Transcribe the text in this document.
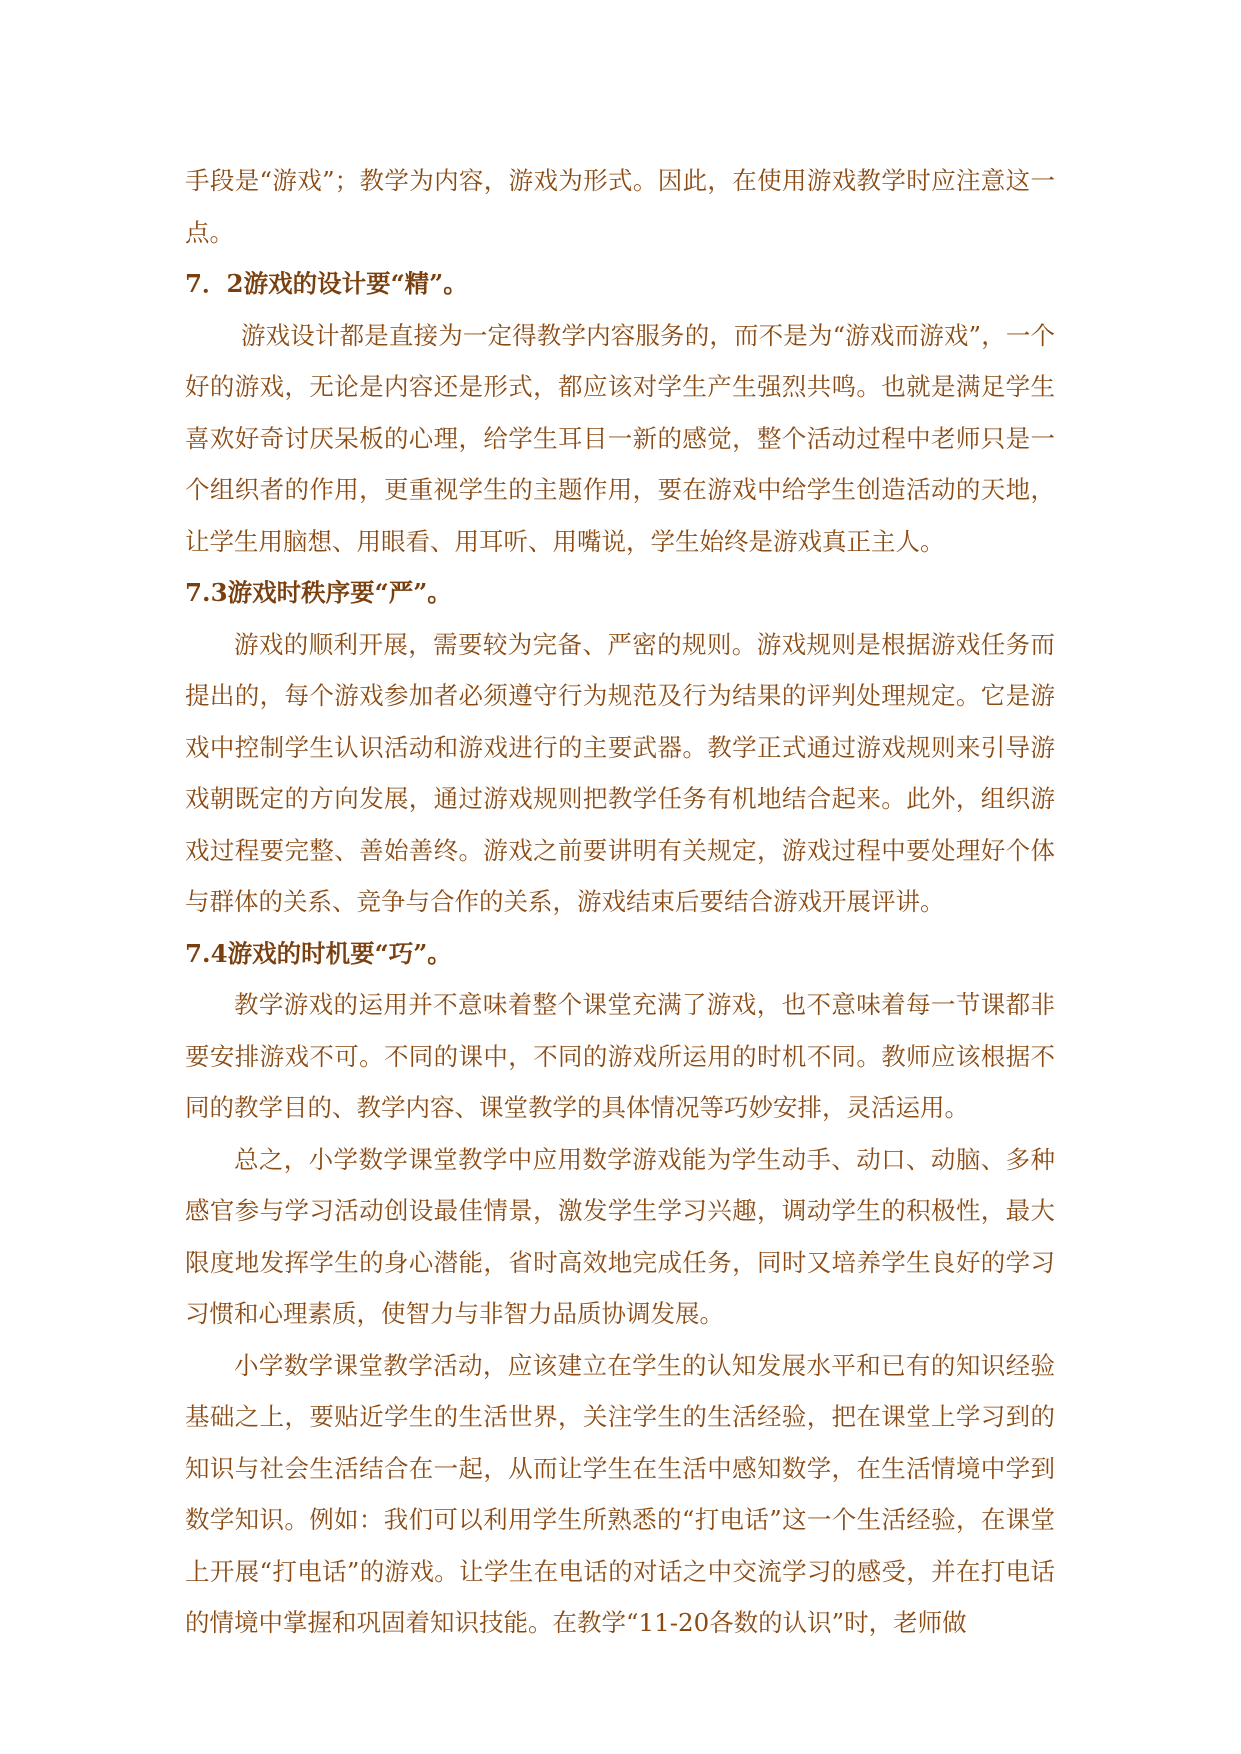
手段是“游戏”；教学为内容，游戏为形式。因此，在使用游戏教学时应注意这一点。

7．2游戏的设计要“精”。

游戏设计都是直接为一定得教学内容服务的，而不是为“游戏而游戏”，一个好的游戏，无论是内容还是形式，都应该对学生产生强烈共鸣。也就是满足学生喜欢好奇讨厌呆板的心理，给学生耳目一新的感觉，整个活动过程中老师只是一个组织者的作用，更重视学生的主题作用，要在游戏中给学生创造活动的天地，让学生用脑想、用眼看、用耳听、用嘴说，学生始终是游戏真正主人。

7.3游戏时秩序要“严”。

游戏的顺利开展，需要较为完备、严密的规则。游戏规则是根据游戏任务而提出的，每个游戏参加者必须遵守行为规范及行为结果的评判处理规定。它是游戏中控制学生认识活动和游戏进行的主要武器。教学正式通过游戏规则来引导游戏朝既定的方向发展，通过游戏规则把教学任务有机地结合起来。此外，组织游戏过程要完整、善始善终。游戏之前要讲明有关规定，游戏过程中要处理好个体与群体的关系、竞争与合作的关系，游戏结束后要结合游戏开展评讲。

7.4游戏的时机要“巧”。

教学游戏的运用并不意味着整个课堂充满了游戏，也不意味着每一节课都非要安排游戏不可。不同的课中，不同的游戏所运用的时机不同。教师应该根据不同的教学目的、教学内容、课堂教学的具体情况等巧妙安排，灵活运用。

总之，小学数学课堂教学中应用数学游戏能为学生动手、动口、动脑、多种感官参与学习活动创设最佳情景，激发学生学习兴趣，调动学生的积极性，最大限度地发挥学生的身心潜能，省时高效地完成任务，同时又培养学生良好的学习习惯和心理素质，使智力与非智力品质协调发展。

小学数学课堂教学活动，应该建立在学生的认知发展水平和已有的知识经验基础之上，要贴近学生的生活世界，关注学生的生活经验，把在课堂上学习到的知识与社会生活结合在一起，从而让学生在生活中感知数学，在生活情境中学到数学知识。例如：我们可以利用学生所熟悉的“打电话”这一个生活经验，在课堂上开展“打电话”的游戏。让学生在电话的对话之中交流学习的感受，并在打电话的情境中掌握和巩固着知识技能。在教学“11-20各数的认识”时，老师做
